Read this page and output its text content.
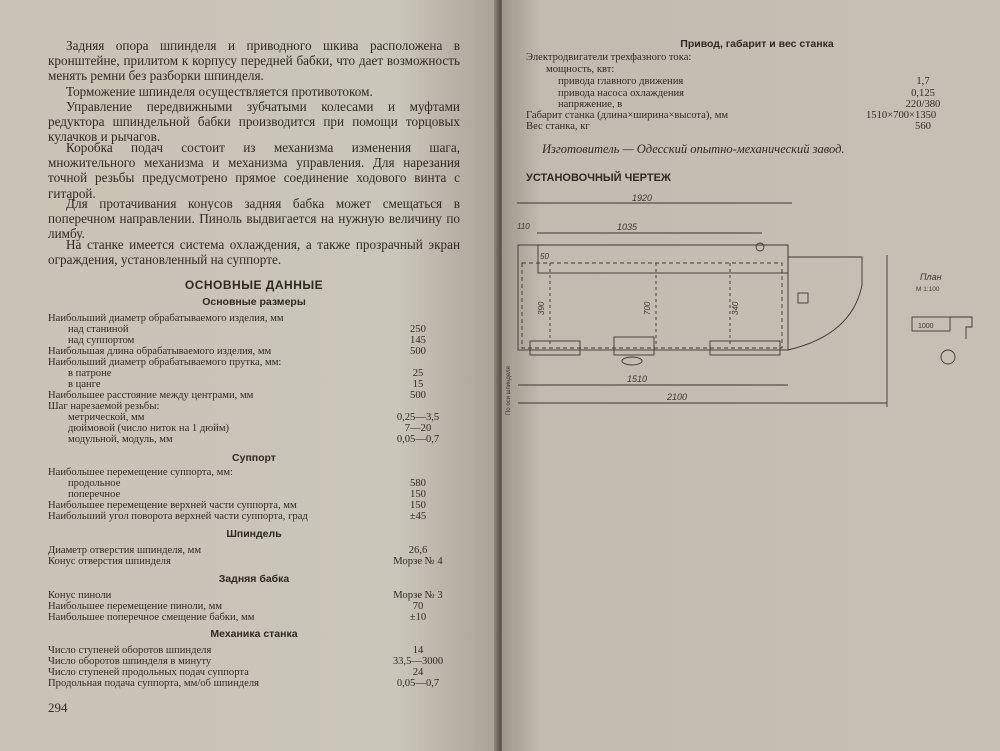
Задняя опора шпинделя и приводного шкива расположена в кронштейне, прилитом к корпусу передней бабки, что дает возможность менять ремни без разборки шпинделя.

Торможение шпинделя осуществляется противотоком.

Управление передвижными зубчатыми колесами и муфтами редуктора шпиндельной бабки производится при помощи торцовых кулачков и рычагов.

Коробка подач состоит из механизма изменения шага, множительного механизма и механизма управления. Для нарезания точной резьбы предусмотрено прямое соединение ходового винта с гитарой.

Для протачивания конусов задняя бабка может смещаться в поперечном направлении. Пиноль выдвигается на нужную величину по лимбу.

На станке имеется система охлаждения, а также прозрачный экран ограждения, установленный на суппорте.

ОСНОВНЫЕ ДАННЫЕ
Основные размеры
Наибольший диаметр обрабатываемого изделия, мм
над станиной	250
над суппортом	145
Наибольшая длина обрабатываемого изделия, мм	500
Наибольший диаметр обрабатываемого прутка, мм:
в патроне	25
в цанге	15
Наибольшее расстояние между центрами, мм	500
Шаг нарезаемой резьбы:
метрической, мм	0,25—3,5
дюймовой (число ниток на 1 дюйм)	7—20
модульной, модуль, мм	0,05—0,7
Суппорт
Наибольшее перемещение суппорта, мм:
продольное	580
поперечное	150
Наибольшее перемещение верхней части суппорта, мм	150
Наибольший угол поворота верхней части суппорта, град	±45
Шпиндель
Диаметр отверстия шпинделя, мм	26,6
Конус отверстия шпинделя	Морзе № 4
Задняя бабка
Конус пиноли	Морзе № 3
Наибольшее перемещение пиноли, мм	70
Наибольшее поперечное смещение бабки, мм	±10
Механика станка
Число ступеней оборотов шпинделя	14
Число оборотов шпинделя в минуту	33,5—3000
Число ступеней продольных подач суппорта	24
Продольная подача суппорта, мм/об шпинделя	0,05—0,7
294
Привод, габарит и вес станка
Электродвигатели трехфазного тока:
мощность, квт:
привода главного движения	1,7
привода насоса охлаждения	0,125
напряжение, в	220/380
Габарит станка (длина×ширина×высота), мм	1510×700×1350
Вес станка, кг	560
Изготовитель — Одесский опытно-механический завод.
УСТАНОВОЧНЫЙ ЧЕРТЕЖ
1920
1035
110
50
390	700	340
1510
2100
По оси шпинделя
План
М 1:100
1000
